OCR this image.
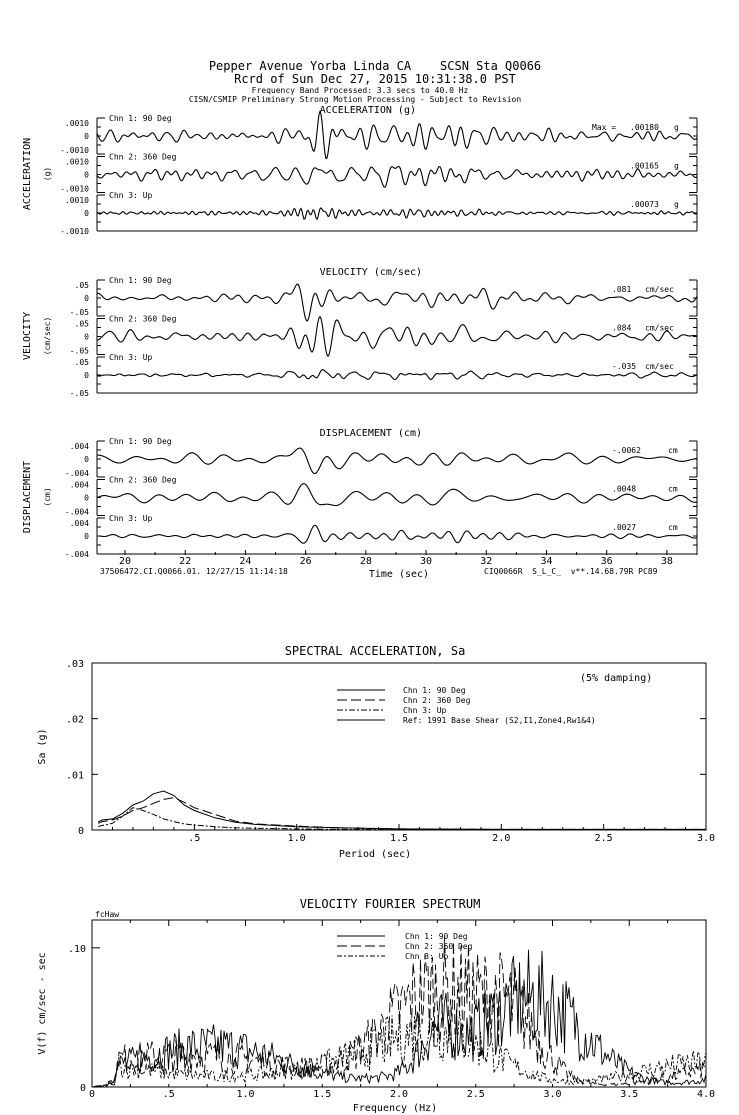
Pepper Avenue Yorba Linda CA    SCSN Sta Q0066
Rcrd of Sun Dec 27, 2015 10:31:38.0 PST
Frequency Band Processed: 3.3 secs to 40.0 Hz
CISN/CSMIP Preliminary Strong Motion Processing - Subject to Revision
ACCELERATION (g)
ACCELERATION (g)
.0010
0
-.0010
Chn 1: 90 Deg
Max = .00180 g
.0010
0
-.0010
Chn 2: 360 Deg
.00165 g
.0010
0
-.0010
Chn 3: Up
.00073 g
VELOCITY (cm/sec)
VELOCITY (cm/sec)
.05
0
-.05
Chn 1: 90 Deg
.081 cm/sec
.05
0
-.05
Chn 2: 360 Deg
.084 cm/sec
.05
0
-.05
Chn 3: Up
-.035 cm/sec
DISPLACEMENT (cm)
DISPLACEMENT (cm)
.004
0
-.004
Chn 1: 90 Deg
-.0062	cm
.004
0
-.004
Chn 2: 360 Deg
.0048	cm
.004
0
-.004
Chn 3: Up
.0027	cm
20	22	24	26	28	30	32	34	36	38
Time (sec)
SPECTRAL ACCELERATION, Sa
(5% damping)
Period (sec)
Sa (g)
.03
.02
.01
0
.5	1.0	1.5	2.0	2.5	3.0
Chn 1: 90 Deg
Chn 2: 360 Deg
Chn 3: Up
Ref: 1991 Base Shear (S2,I1,Zone4,Rw1&4)
VELOCITY FOURIER SPECTRUM
fcHaw
Frequency (Hz)
V(f) cm/sec - sec
.10
0
0	.5	1.0	1.5	2.0	2.5	3.0	3.5	4.0
Chn 1: 90 Deg
Chn 2: 360 Deg
Chn 3: Up
37506472.CI.Q0066.01. 12/27/15 11:14:18	CIQ0066R  S_L_C_  v**.14.68.79R PC89
